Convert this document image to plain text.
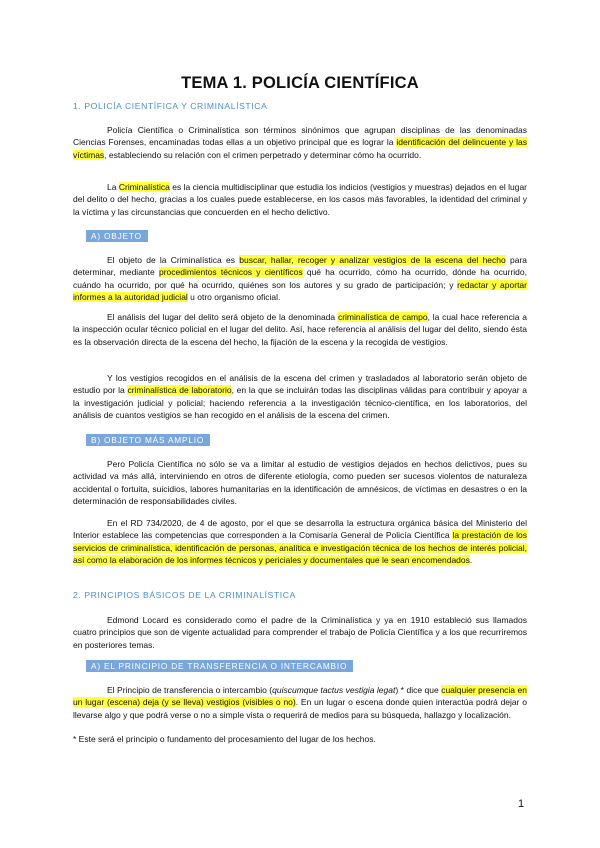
TEMA 1. POLICÍA CIENTÍFICA
1. POLICÍA CIENTÍFICA Y CRIMINALÍSTICA
Policía Científica o Criminalística son términos sinónimos que agrupan disciplinas de las denominadas Ciencias Forenses, encaminadas todas ellas a un objetivo principal que es lograr la identificación del delincuente y las víctimas, estableciendo su relación con el crimen perpetrado y determinar cómo ha ocurrido.
La Criminalística es la ciencia multidisciplinar que estudia los indicios (vestigios y muestras) dejados en el lugar del delito o del hecho, gracias a los cuales puede establecerse, en los casos más favorables, la identidad del criminal y la víctima y las circunstancias que concuerden en el hecho delictivo.
A) OBJETO
El objeto de la Criminalística es buscar, hallar, recoger y analizar vestigios de la escena del hecho para determinar, mediante procedimientos técnicos y científicos qué ha ocurrido, cómo ha ocurrido, dónde ha ocurrido, cuándo ha ocurrido, por qué ha ocurrido, quiénes son los autores y su grado de participación; y redactar y aportar informes a la autoridad judicial u otro organismo oficial.
El análisis del lugar del delito será objeto de la denominada criminalística de campo, la cual hace referencia a la inspección ocular técnico policial en el lugar del delito. Así, hace referencia al análisis del lugar del delito, siendo ésta es la observación directa de la escena del hecho, la fijación de la escena y la recogida de vestigios.
Y los vestigios recogidos en el análisis de la escena del crimen y trasladados al laboratorio serán objeto de estudio por la criminalística de laboratorio, en la que se incluirán todas las disciplinas válidas para contribuir y apoyar a la investigación judicial y policial; haciendo referencia a la investigación técnico-científica, en los laboratorios, del análisis de cuantos vestigios se han recogido en el análisis de la escena del crimen.
B) OBJETO MÁS AMPLIO
Pero Policía Científica no sólo se va a limitar al estudio de vestigios dejados en hechos delictivos, pues su actividad va más allá, interviniendo en otros de diferente etiología, como pueden ser sucesos violentos de naturaleza accidental o fortuita, suicidios, labores humanitarias en la identificación de amnésicos, de víctimas en desastres o en la determinación de responsabilidades civiles.
En el RD 734/2020, de 4 de agosto, por el que se desarrolla la estructura orgánica básica del Ministerio del Interior establece las competencias que corresponden a la Comisaría General de Policía Científica la prestación de los servicios de criminalística, identificación de personas, analítica e investigación técnica de los hechos de interés policial, así como la elaboración de los informes técnicos y periciales y documentales que le sean encomendados.
2. PRINCIPIOS BÁSICOS DE LA CRIMINALÍSTICA
Edmond Locard es considerado como el padre de la Criminalística y ya en 1910 estableció sus llamados cuatro principios que son de vigente actualidad para comprender el trabajo de Policía Científica y a los que recurriremos en posteriores temas.
A) EL PRINCIPIO DE TRANSFERENCIA O INTERCAMBIO
El Principio de transferencia o intercambio (quiscumque tactus vestigia legat) * dice que cualquier presencia en un lugar (escena) deja (y se lleva) vestigios (visibles o no). En un lugar o escena donde quien interactúa podrá dejar o llevarse algo y que podrá verse o no a simple vista o requerirá de medios para su búsqueda, hallazgo y localización.
* Este será el principio o fundamento del procesamiento del lugar de los hechos.
1
